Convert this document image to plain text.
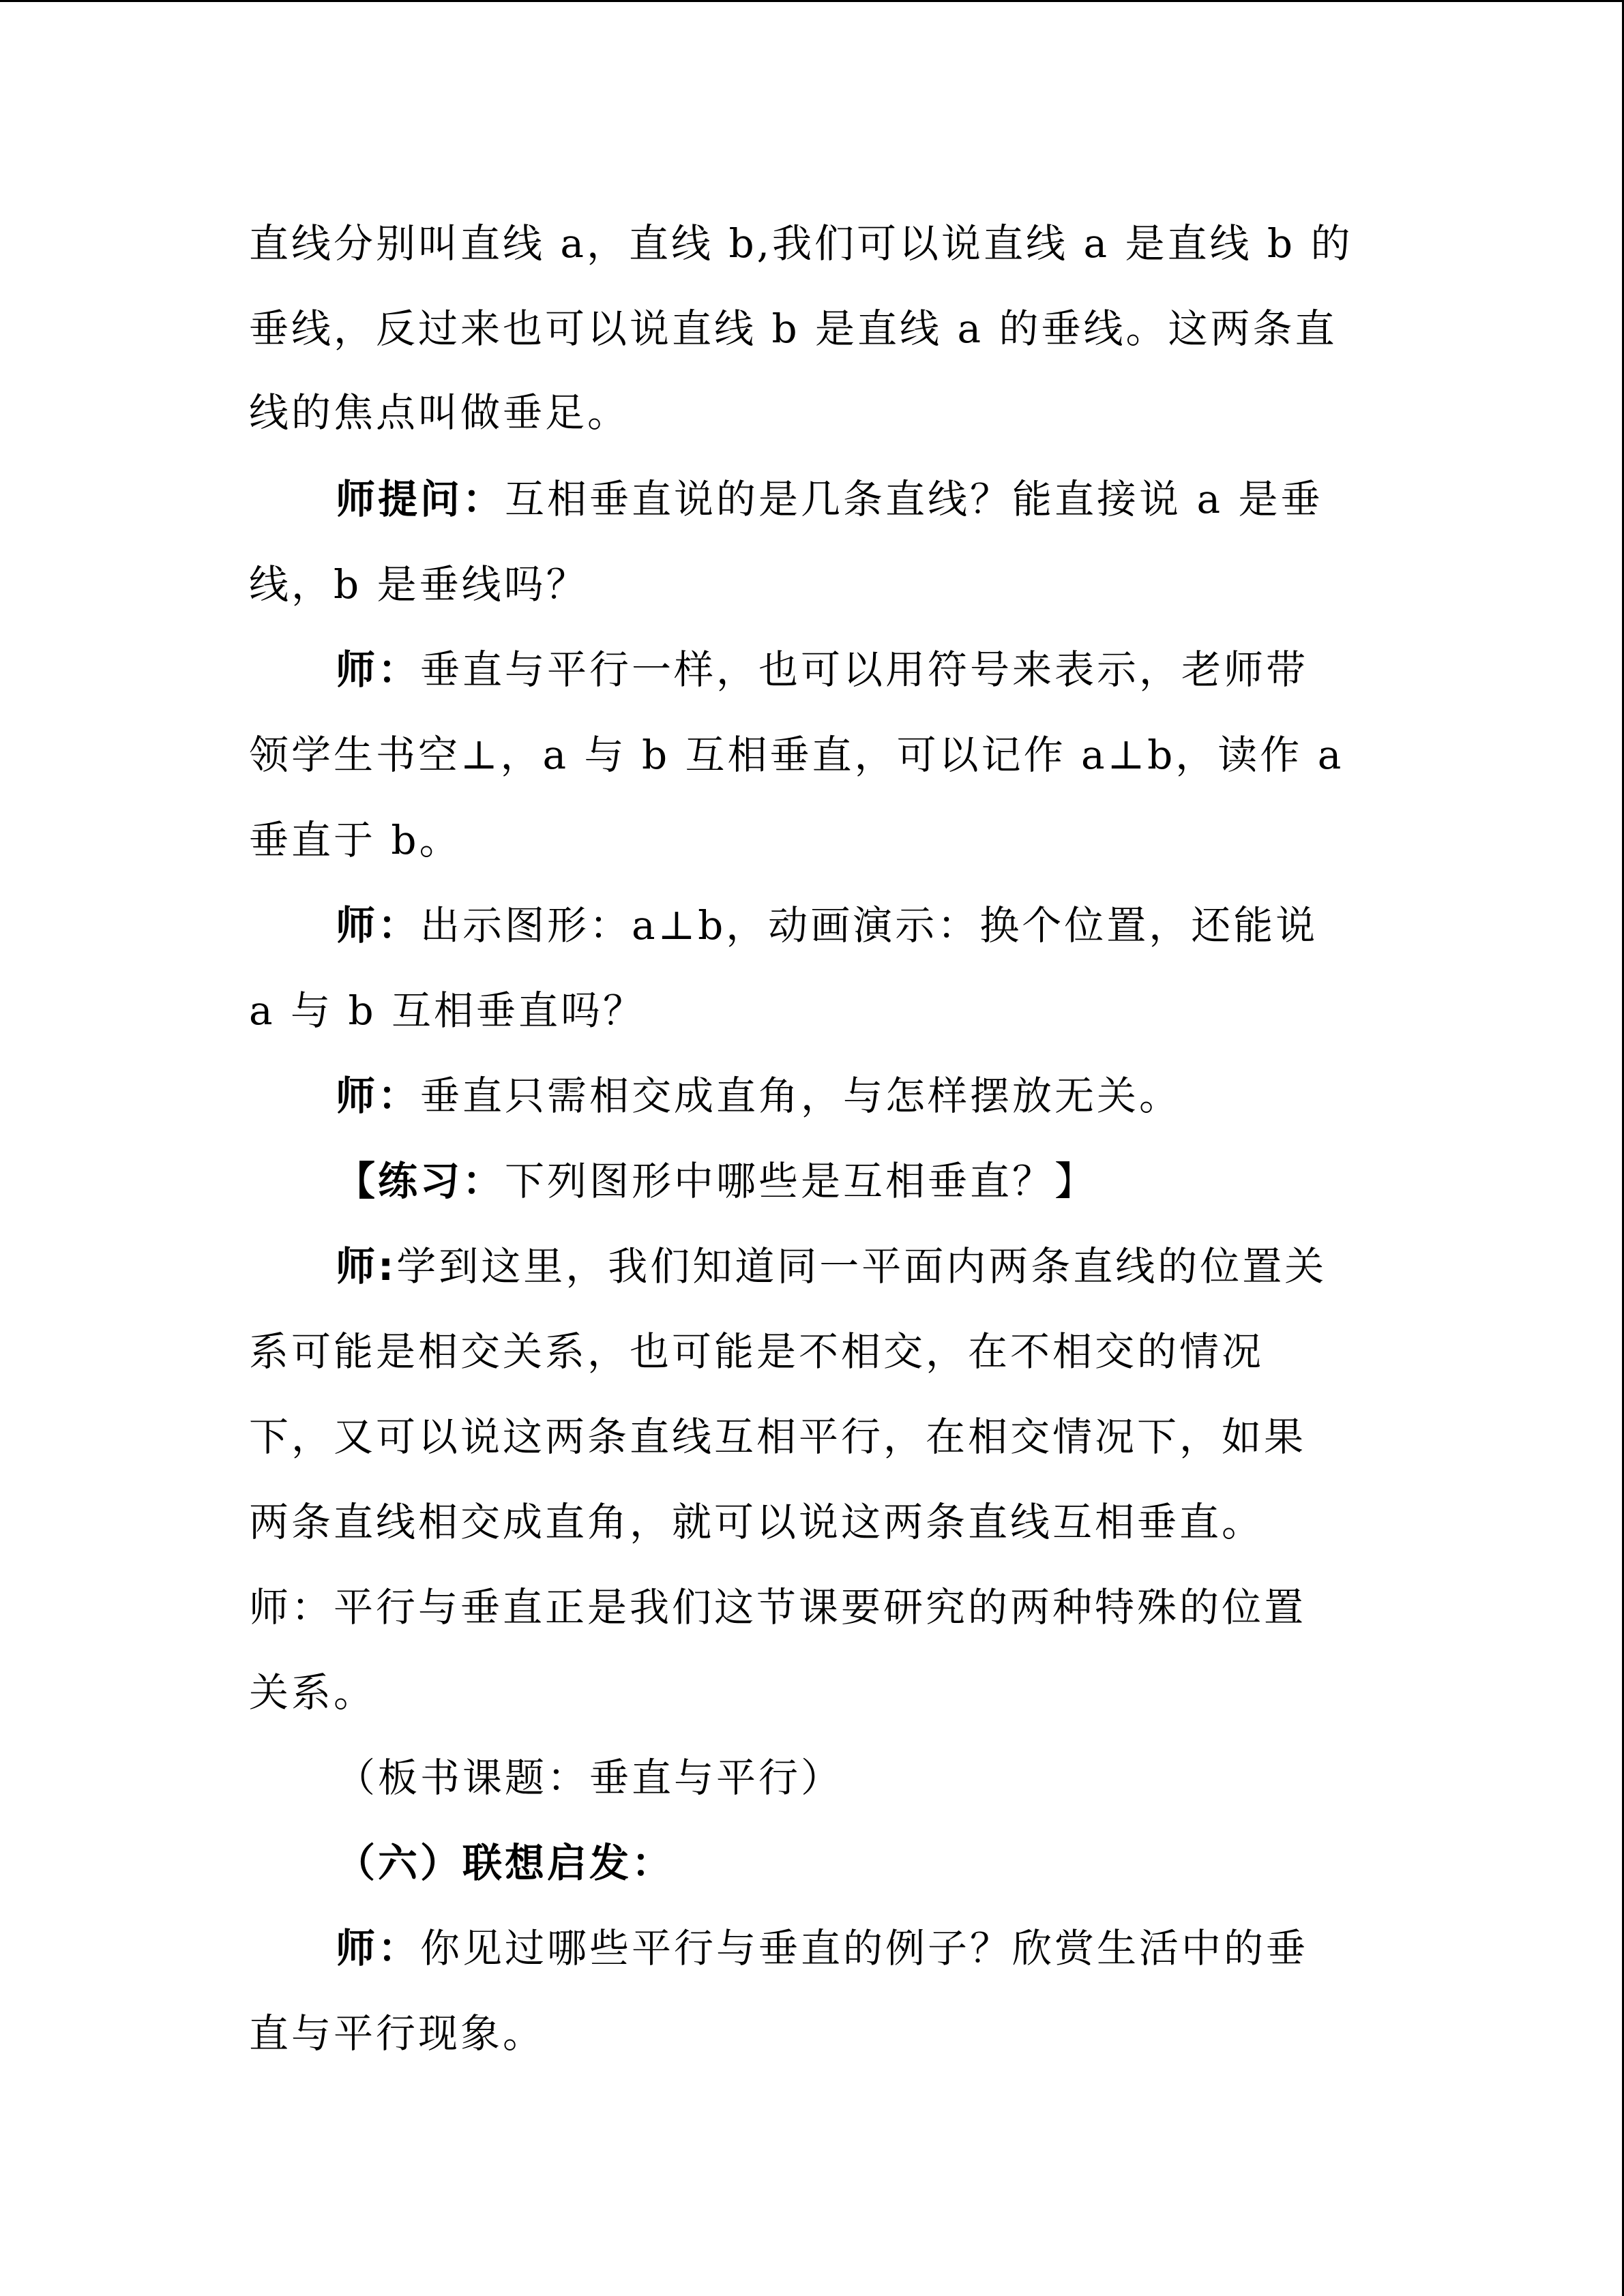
直线分别叫直线 a，直线 b,我们可以说直线 a 是直线 b 的
垂线，反过来也可以说直线 b 是直线 a 的垂线。这两条直
线的焦点叫做垂足。
师提问：互相垂直说的是几条直线？能直接说 a 是垂
线，b 是垂线吗？
师：垂直与平行一样，也可以用符号来表示，老师带
领学生书空⊥，a 与 b 互相垂直，可以记作 a⊥b，读作 a
垂直于 b。
师：出示图形：a⊥b，动画演示：换个位置，还能说
a 与 b 互相垂直吗？
师：垂直只需相交成直角，与怎样摆放无关。
【练习：下列图形中哪些是互相垂直？】
师:学到这里，我们知道同一平面内两条直线的位置关
系可能是相交关系，也可能是不相交，在不相交的情况
下，又可以说这两条直线互相平行，在相交情况下，如果
两条直线相交成直角，就可以说这两条直线互相垂直。
师：平行与垂直正是我们这节课要研究的两种特殊的位置
关系。
（板书课题：垂直与平行）
（六）联想启发：
师：你见过哪些平行与垂直的例子？欣赏生活中的垂
直与平行现象。
